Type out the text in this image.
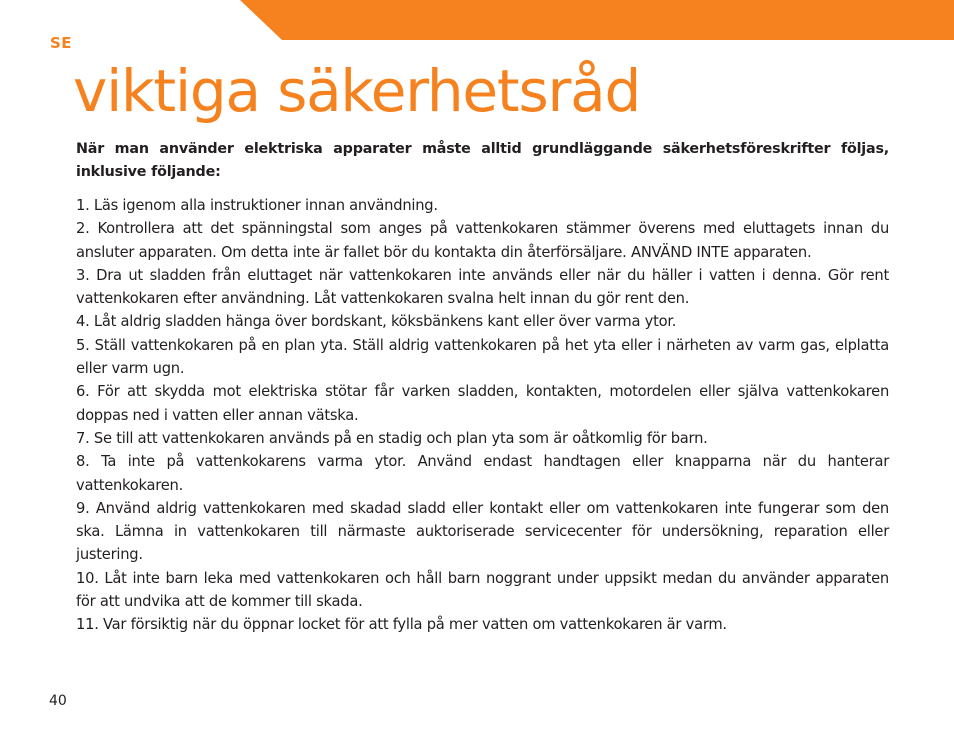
SE
viktiga säkerhetsråd

När man använder elektriska apparater måste alltid grundläggande säkerhetsföreskrifter följas, inklusive följande:

1. Läs igenom alla instruktioner innan användning.
2. Kontrollera att det spänningstal som anges på vattenkokaren stämmer överens med eluttagets innan du ansluter apparaten. Om detta inte är fallet bör du kontakta din återförsäljare. ANVÄND INTE apparaten.
3. Dra ut sladden från eluttaget när vattenkokaren inte används eller när du häller i vatten i denna. Gör rent vattenkokaren efter användning. Låt vattenkokaren svalna helt innan du gör rent den.
4. Låt aldrig sladden hänga över bordskant, köksbänkens kant eller över varma ytor.
5. Ställ vattenkokaren på en plan yta. Ställ aldrig vattenkokaren på het yta eller i närheten av varm gas, elplatta eller varm ugn.
6. För att skydda mot elektriska stötar får varken sladden, kontakten, motordelen eller själva vattenkokaren doppas ned i vatten eller annan vätska.
7. Se till att vattenkokaren används på en stadig och plan yta som är oåtkomlig för barn.
8. Ta inte på vattenkokarens varma ytor. Använd endast handtagen eller knapparna när du hanterar vattenkokaren.
9. Använd aldrig vattenkokaren med skadad sladd eller kontakt eller om vattenkokaren inte fungerar som den ska. Lämna in vattenkokaren till närmaste auktoriserade servicecenter för undersökning, reparation eller justering.
10. Låt inte barn leka med vattenkokaren och håll barn noggrant under uppsikt medan du använder apparaten för att undvika att de kommer till skada.
11. Var försiktig när du öppnar locket för att fylla på mer vatten om vattenkokaren är varm.
40
